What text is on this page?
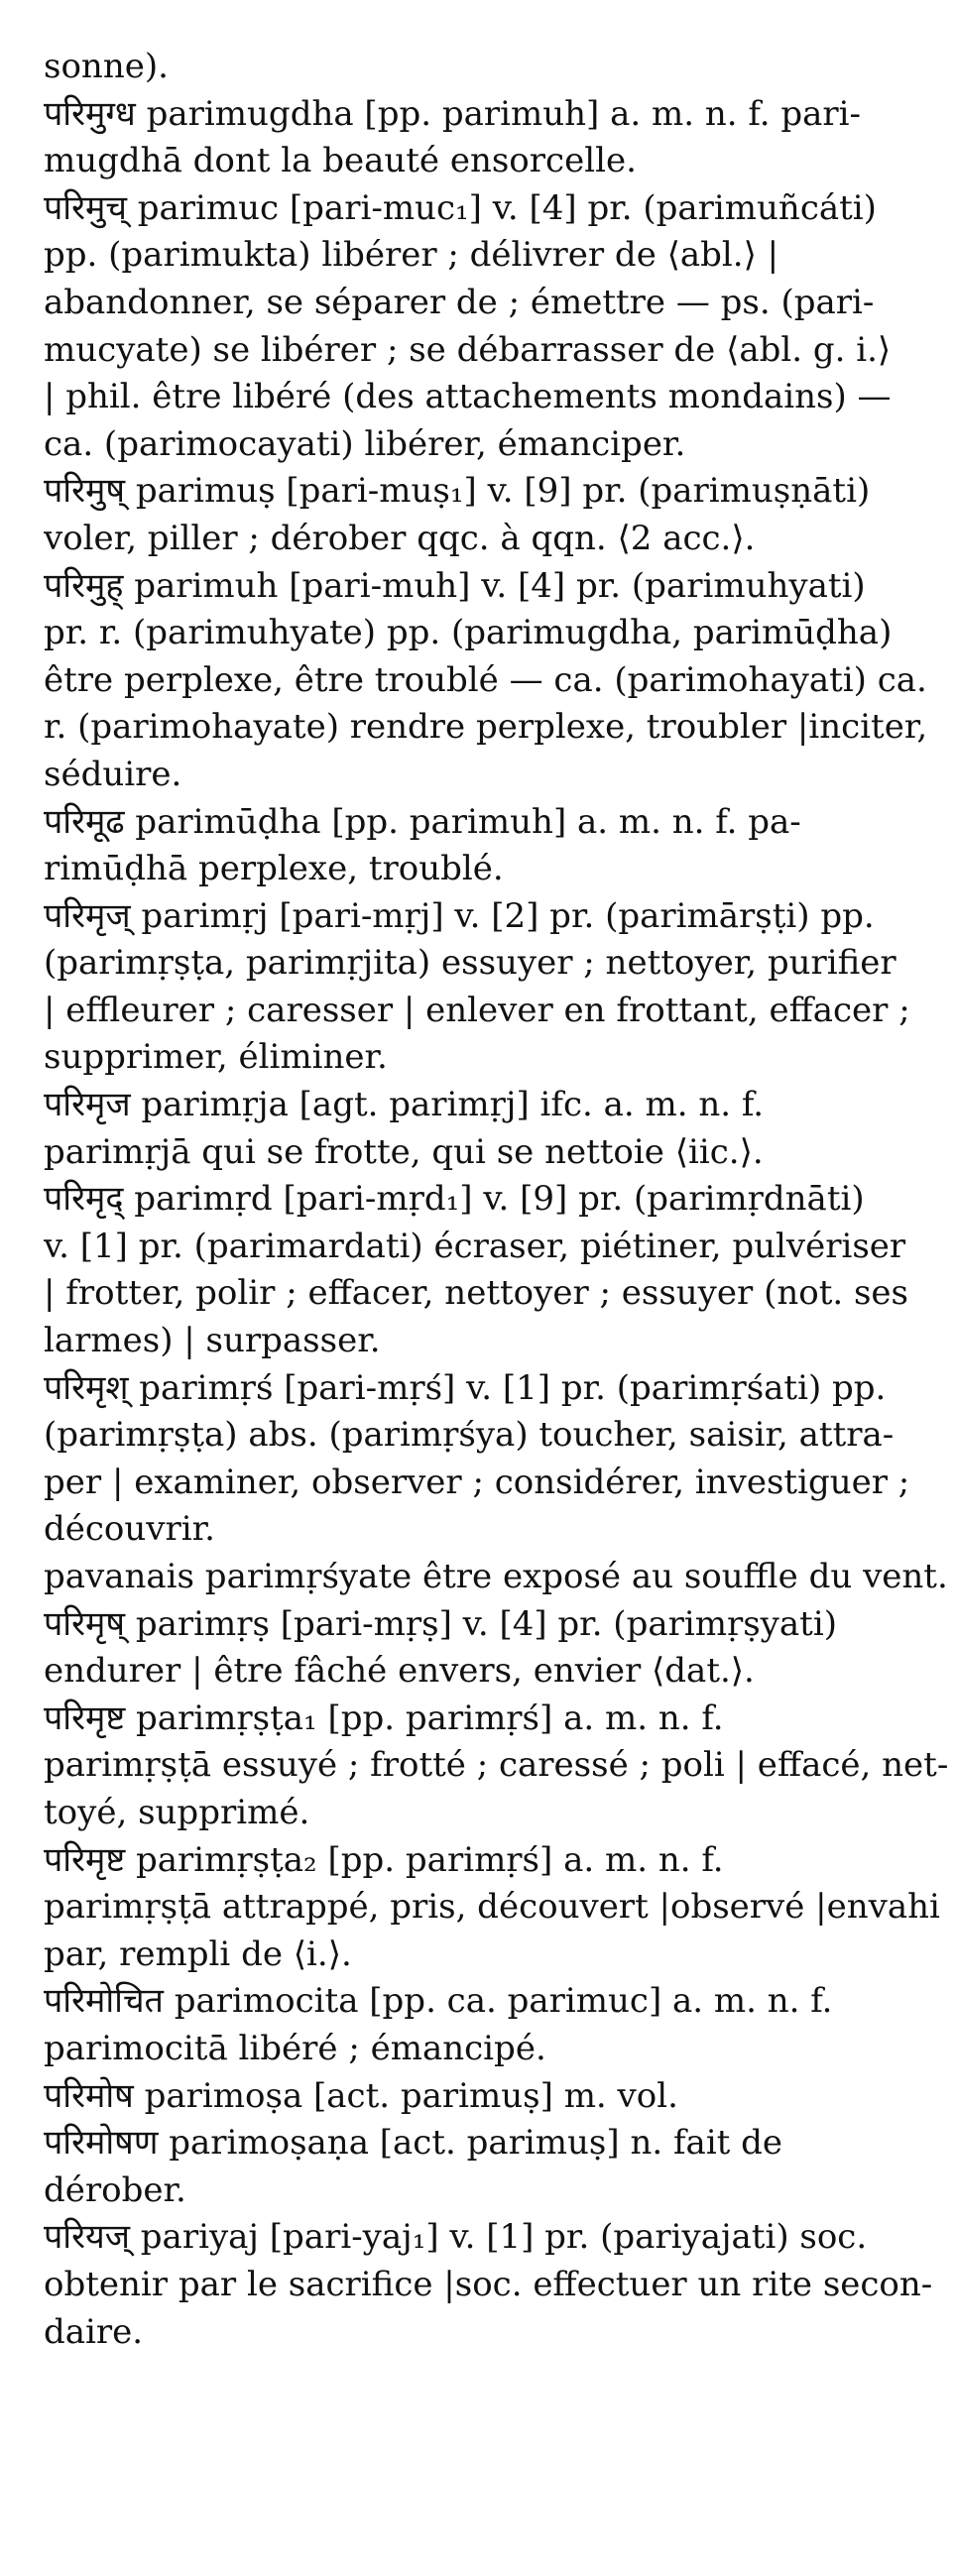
sonne).
परिमुग्ध parimugdha [pp. parimuh] a. m. n. f. pari-
mugdhā dont la beauté ensorcelle.
परिमुच् parimuc [pari-muc₁] v. [4] pr. (parimuñcáti)
pp. (parimukta) libérer ; délivrer de ⟨abl.⟩ |
abandonner, se séparer de ; émettre — ps. (pari-
mucyate) se libérer ; se débarrasser de ⟨abl. g. i.⟩
| phil. être libéré (des attachements mondains) —
ca. (parimocayati) libérer, émanciper.
परिमुष् parimuṣ [pari-muṣ₁] v. [9] pr. (parimuṣṇāti)
voler, piller ; dérober qqc. à qqn. ⟨2 acc.⟩.
परिमुह् parimuh [pari-muh] v. [4] pr. (parimuhyati)
pr. r. (parimuhyate) pp. (parimugdha, parimūḍha)
être perplexe, être troublé — ca. (parimohayati) ca.
r. (parimohayate) rendre perplexe, troubler |inciter,
séduire.
परिमूढ parimūḍha [pp. parimuh] a. m. n. f. pa-
rimūḍhā perplexe, troublé.
परिमृज् parimṛj [pari-mṛj] v. [2] pr. (parimārṣṭi) pp.
(parimṛṣṭa, parimṛjita) essuyer ; nettoyer, purifier
| effleurer ; caresser | enlever en frottant, effacer ;
supprimer, éliminer.
परिमृज parimṛja [agt. parimṛj] ifc. a. m. n. f.
parimṛjā qui se frotte, qui se nettoie ⟨iic.⟩.
परिमृद् parimṛd [pari-mṛd₁] v. [9] pr. (parimṛdnāti)
v. [1] pr. (parimardati) écraser, piétiner, pulvériser
| frotter, polir ; effacer, nettoyer ; essuyer (not. ses
larmes) | surpasser.
परिमृश् parimṛś [pari-mṛś] v. [1] pr. (parimṛśati) pp.
(parimṛṣṭa) abs. (parimṛśya) toucher, saisir, attra-
per | examiner, observer ; considérer, investiguer ;
découvrir.
pavanais parimṛśyate être exposé au souffle du vent.
परिमृष् parimṛṣ [pari-mṛṣ] v. [4] pr. (parimṛṣyati)
endurer | être fâché envers, envier ⟨dat.⟩.
परिमृष्ट parimṛṣṭa₁ [pp. parimṛś] a. m. n. f.
parimṛṣṭā essuyé ; frotté ; caressé ; poli | effacé, net-
toyé, supprimé.
परिमृष्ट parimṛṣṭa₂ [pp. parimṛś] a. m. n. f.
parimṛṣṭā attrappé, pris, découvert |observé |envahi
par, rempli de ⟨i.⟩.
परिमोचित parimocita [pp. ca. parimuc] a. m. n. f.
parimocitā libéré ; émancipé.
परिमोष parimoṣa [act. parimuṣ] m. vol.
परिमोषण parimoṣaṇa [act. parimuṣ] n. fait de
dérober.
परियज् pariyaj [pari-yaj₁] v. [1] pr. (pariyajati) soc.
obtenir par le sacrifice |soc. effectuer un rite secon-
daire.
